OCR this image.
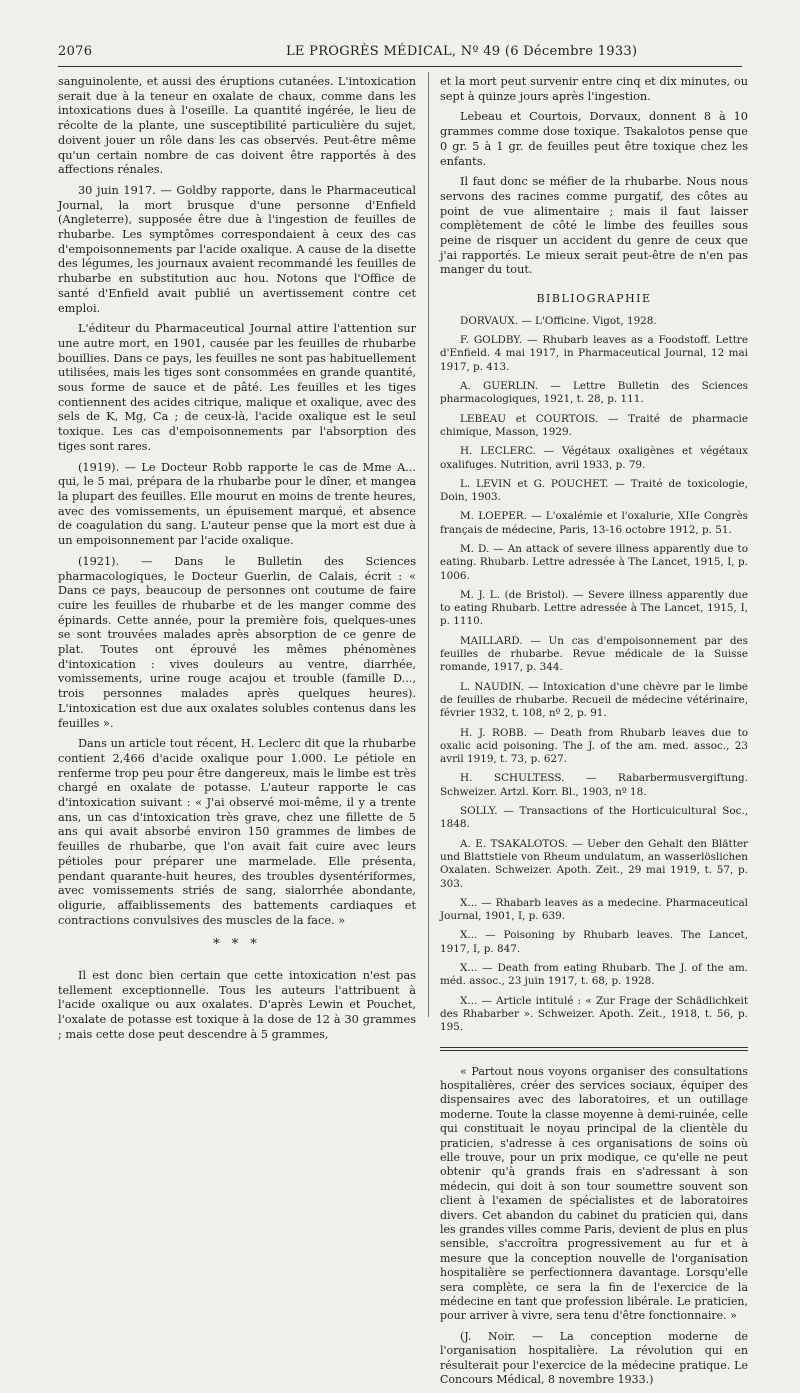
2076	LE PROGRÈS MÉDICAL, Nº 49 (6 Décembre 1933)

sanguinolente, et aussi des éruptions cutanées. L'intoxication serait due à la teneur en oxalate de chaux, comme dans les intoxications dues à l'oseille. La quantité ingérée, le lieu de récolte de la plante, une susceptibilité particulière du sujet, doivent jouer un rôle dans les cas observés. Peut-être même qu'un certain nombre de cas doivent être rapportés à des affections rénales.

30 juin 1917. — Goldby rapporte, dans le Pharmaceutical Journal, la mort brusque d'une personne d'Enfield (Angleterre), supposée être due à l'ingestion de feuilles de rhubarbe. Les symptômes correspondaient à ceux des cas d'empoisonnements par l'acide oxalique. A cause de la disette des légumes, les journaux avaient recommandé les feuilles de rhubarbe en substitution auc hou. Notons que l'Office de santé d'Enfield avait publié un avertissement contre cet emploi.

L'éditeur du Pharmaceutical Journal attire l'attention sur une autre mort, en 1901, causée par les feuilles de rhubarbe bouillies. Dans ce pays, les feuilles ne sont pas habituellement utilisées, mais les tiges sont consommées en grande quantité, sous forme de sauce et de pâté. Les feuilles et les tiges contiennent des acides citrique, malique et oxalique, avec des sels de K, Mg, Ca ; de ceux-là, l'acide oxalique est le seul toxique. Les cas d'empoisonnements par l'absorption des tiges sont rares.

(1919). — Le Docteur Robb rapporte le cas de Mme A... qui, le 5 mai, prépara de la rhubarbe pour le dîner, et mangea la plupart des feuilles. Elle mourut en moins de trente heures, avec des vomissements, un épuisement marqué, et absence de coagulation du sang. L'auteur pense que la mort est due à un empoisonnement par l'acide oxalique.

(1921). — Dans le Bulletin des Sciences pharmacologiques, le Docteur Guerlin, de Calais, écrit : « Dans ce pays, beaucoup de personnes ont coutume de faire cuire les feuilles de rhubarbe et de les manger comme des épinards. Cette année, pour la première fois, quelques-unes se sont trouvées malades après absorption de ce genre de plat. Toutes ont éprouvé les mêmes phénomènes d'intoxication : vives douleurs au ventre, diarrhée, vomissements, urine rouge acajou et trouble (famille D..., trois personnes malades après quelques heures). L'intoxication est due aux oxalates solubles contenus dans les feuilles ».

Dans un article tout récent, H. Leclerc dit que la rhubarbe contient 2,466 d'acide oxalique pour 1.000. Le pétiole en renferme trop peu pour être dangereux, mais le limbe est très chargé en oxalate de potasse. L'auteur rapporte le cas d'intoxication suivant : « J'ai observé moi-même, il y a trente ans, un cas d'intoxication très grave, chez une fillette de 5 ans qui avait absorbé environ 150 grammes de limbes de feuilles de rhubarbe, que l'on avait fait cuire avec leurs pétioles pour préparer une marmelade. Elle présenta, pendant quarante-huit heures, des troubles dysentériformes, avec vomissements striés de sang, sialorrhée abondante, oligurie, affaiblissements des battements cardiaques et contractions convulsives des muscles de la face. »

* * *

Il est donc bien certain que cette intoxication n'est pas tellement exceptionnelle. Tous les auteurs l'attribuent à l'acide oxalique ou aux oxalates. D'après Lewin et Pouchet, l'oxalate de potasse est toxique à la dose de 12 à 30 grammes ; mais cette dose peut descendre à 5 grammes,

et la mort peut survenir entre cinq et dix minutes, ou sept à quinze jours après l'ingestion.

Lebeau et Courtois, Dorvaux, donnent 8 à 10 grammes comme dose toxique. Tsakalotos pense que 0 gr. 5 à 1 gr. de feuilles peut être toxique chez les enfants.

Il faut donc se méfier de la rhubarbe. Nous nous servons des racines comme purgatif, des côtes au point de vue alimentaire ; mais il faut laisser complètement de côté le limbe des feuilles sous peine de risquer un accident du genre de ceux que j'ai rapportés. Le mieux serait peut-être de n'en pas manger du tout.

BIBLIOGRAPHIE

DORVAUX. — L'Officine. Vigot, 1928.

F. GOLDBY. — Rhubarb leaves as a Foodstoff. Lettre d'Enfield. 4 mai 1917, in Pharmaceutical Journal, 12 mai 1917, p. 413.

A. GUERLIN. — Lettre Bulletin des Sciences pharmacologiques, 1921, t. 28, p. 111.

LEBEAU et COURTOIS. — Traité de pharmacie chimique, Masson, 1929.

H. LECLERC. — Végétaux oxaligènes et végétaux oxalifuges. Nutrition, avril 1933, p. 79.

L. LEVIN et G. POUCHET. — Traité de toxicologie, Doin, 1903.

M. LOEPER. — L'oxalémie et l'oxalurie, XIIe Congrès français de médecine, Paris, 13-16 octobre 1912, p. 51.

M. D. — An attack of severe illness apparently due to eating. Rhubarb. Lettre adressée à The Lancet, 1915, I, p. 1006.

M. J. L. (de Bristol). — Severe illness apparently due to eating Rhubarb. Lettre adressée à The Lancet, 1915, I, p. 1110.

MAILLARD. — Un cas d'empoisonnement par des feuilles de rhubarbe. Revue médicale de la Suisse romande, 1917, p. 344.

L. NAUDIN. — Intoxication d'une chèvre par le limbe de feuilles de rhubarbe. Recueil de médecine vétérinaire, février 1932, t. 108, nº 2, p. 91.

H. J. ROBB. — Death from Rhubarb leaves due to oxalic acid poisoning. The J. of the am. med. assoc., 23 avril 1919, t. 73, p. 627.

H. SCHULTESS. — Rabarbermusvergiftung. Schweizer. Artzl. Korr. Bl., 1903, nº 18.

SOLLY. — Transactions of the Horticuicultural Soc., 1848.

A. E. TSAKALOTOS. — Ueber den Gehalt den Blätter und Blattstiele von Rheum undulatum, an wasserlöslichen Oxalaten. Schweizer. Apoth. Zeit., 29 mai 1919, t. 57, p. 303.

X... — Rhabarb leaves as a medecine. Pharmaceutical Journal, 1901, I, p. 639.

X... — Poisoning by Rhubarb leaves. The Lancet, 1917, I, p. 847.

X... — Death from eating Rhubarb. The J. of the am. méd. assoc., 23 juin 1917, t. 68, p. 1928.

X... — Article intitulé : « Zur Frage der Schädlichkeit des Rhabarber ». Schweizer. Apoth. Zeit., 1918, t. 56, p. 195.

« Partout nous voyons organiser des consultations hospitalières, créer des services sociaux, équiper des dispensaires avec des laboratoires, et un outillage moderne. Toute la classe moyenne à demi-ruinée, celle qui constituait le noyau principal de la clientèle du praticien, s'adresse à ces organisations de soins où elle trouve, pour un prix modique, ce qu'elle ne peut obtenir qu'à grands frais en s'adressant à son médecin, qui doit à son tour soumettre souvent son client à l'examen de spécialistes et de laboratoires divers. Cet abandon du cabinet du praticien qui, dans les grandes villes comme Paris, devient de plus en plus sensible, s'accroîtra progressivement au fur et à mesure que la conception nouvelle de l'organisation hospitalière se perfectionnera davantage. Lorsqu'elle sera complète, ce sera la fin de l'exercice de la médecine en tant que profession libérale. Le praticien, pour arriver à vivre, sera tenu d'être fonctionnaire. »

(J. Noir. — La conception moderne de l'organisation hospitalière. La révolution qui en résulterait pour l'exercice de la médecine pratique. Le Concours Médical, 8 novembre 1933.)
